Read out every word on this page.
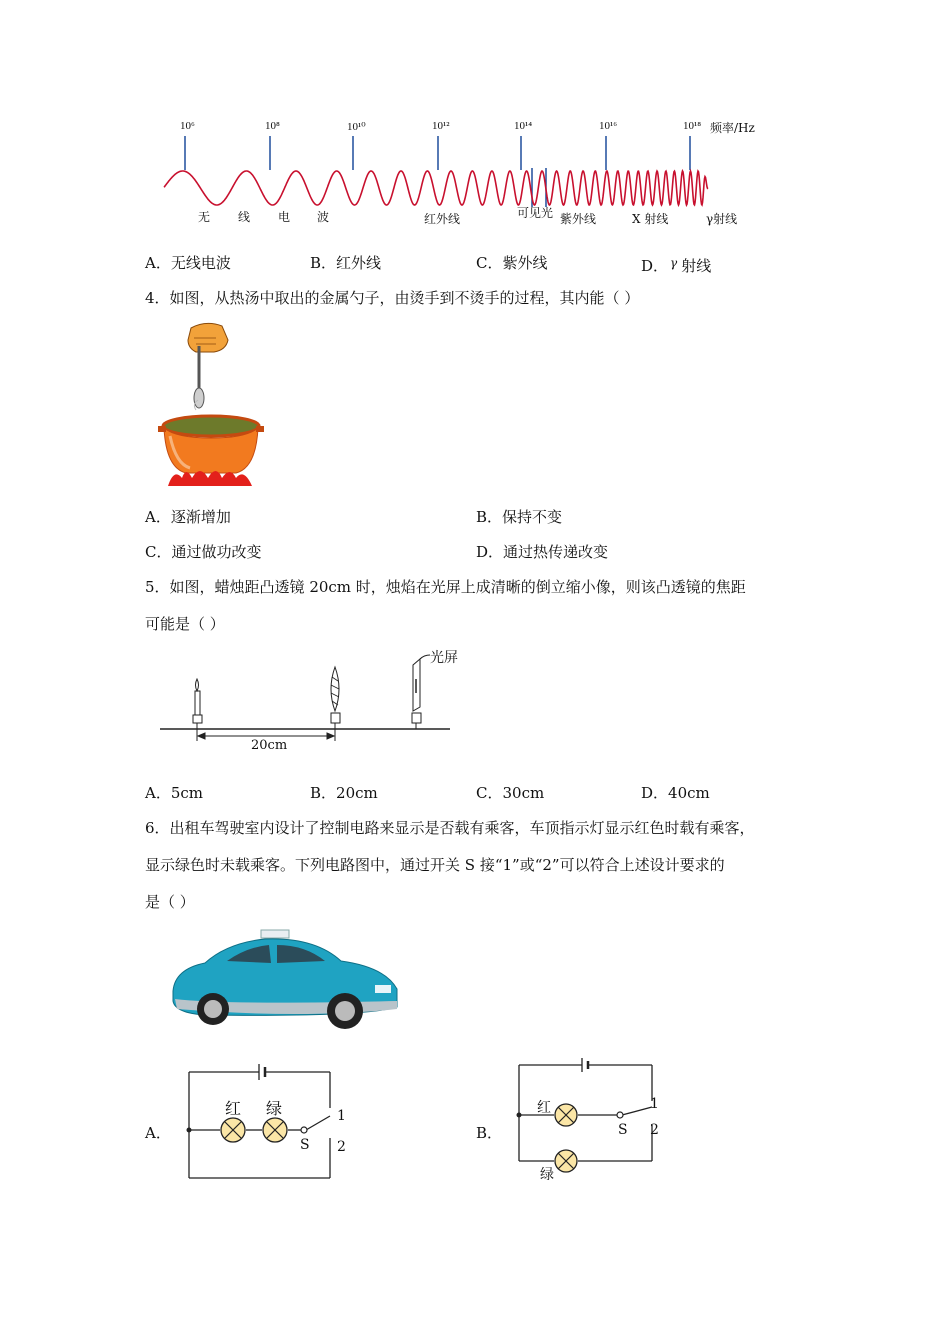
10⁶	10⁸	10¹⁰	10¹²	10¹⁴	10¹⁶	10¹⁸ 频率/Hz
无 线 电 波	红外线	可见光 紫外线	X 射线	γ射线
A．无线电波	B．红外线	C．紫外线	D． $^\gamma$ 射线
4．如图，从热汤中取出的金属勺子，由烫手到不烫手的过程，其内能（ ）
A．逐渐增加	B．保持不变
C．通过做功改变	D．通过热传递改变
5．如图，蜡烛距凸透镜 20cm 时，烛焰在光屏上成清晰的倒立缩小像，则该凸透镜的焦距
可能是（ ）
光屏
20cm
A．5cm	B．20cm	C．30cm	D．40cm
6．出租车驾驶室内设计了控制电路来显示是否载有乘客，车顶指示灯显示红色时载有乘客，
显示绿色时未载乘客。下列电路图中，通过开关 S 接“1”或“2”可以符合上述设计要求的
是（ ）
A．
红 绿
S
1
2
B．
红
绿
S
1
2
